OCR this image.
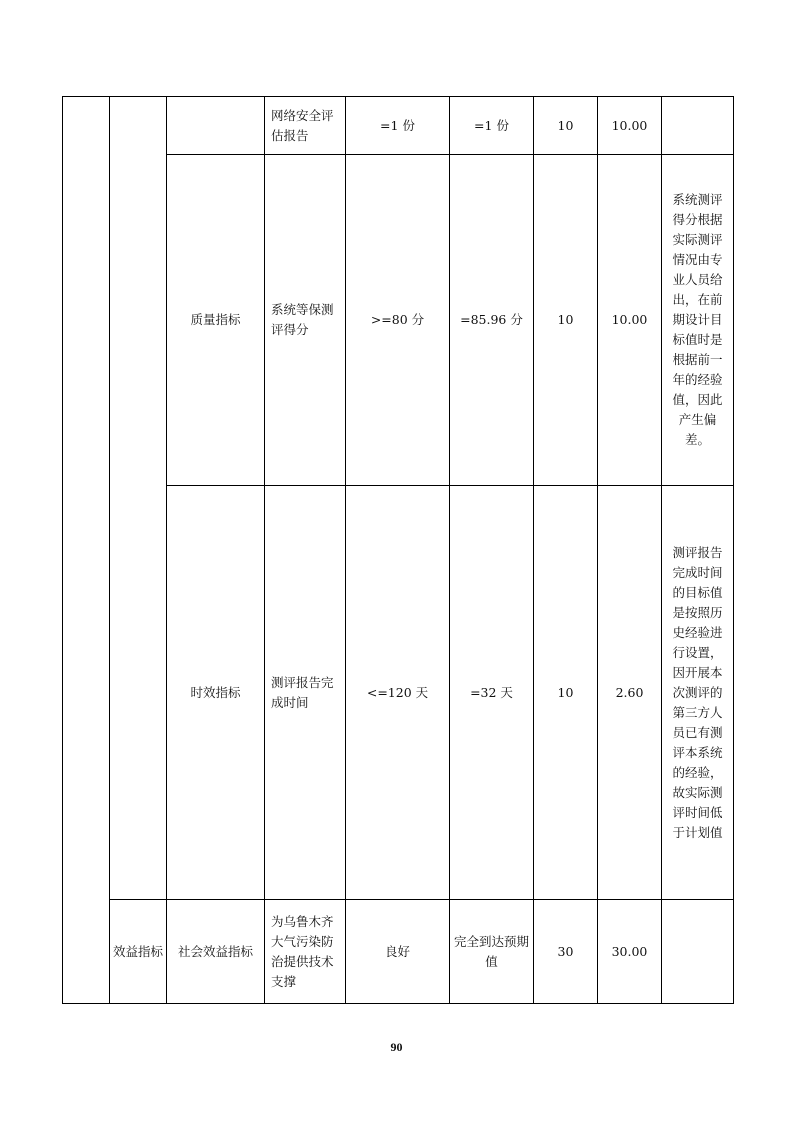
			网络安全评估报告	=1 份	=1 份	10	10.00	
		质量指标	系统等保测评得分	>=80 分	=85.96 分	10	10.00	系统测评得分根据实际测评情况由专业人员给出，在前期设计目标值时是根据前一年的经验值，因此产生偏差。
		时效指标	测评报告完成时间	<=120 天	=32 天	10	2.60	测评报告完成时间的目标值是按照历史经验进行设置，因开展本次测评的第三方人员已有测评本系统的经验，故实际测评时间低于计划值
	效益指标	社会效益指标	为乌鲁木齐大气污染防治提供技术支撑	良好	完全到达预期值	30	30.00	
90
